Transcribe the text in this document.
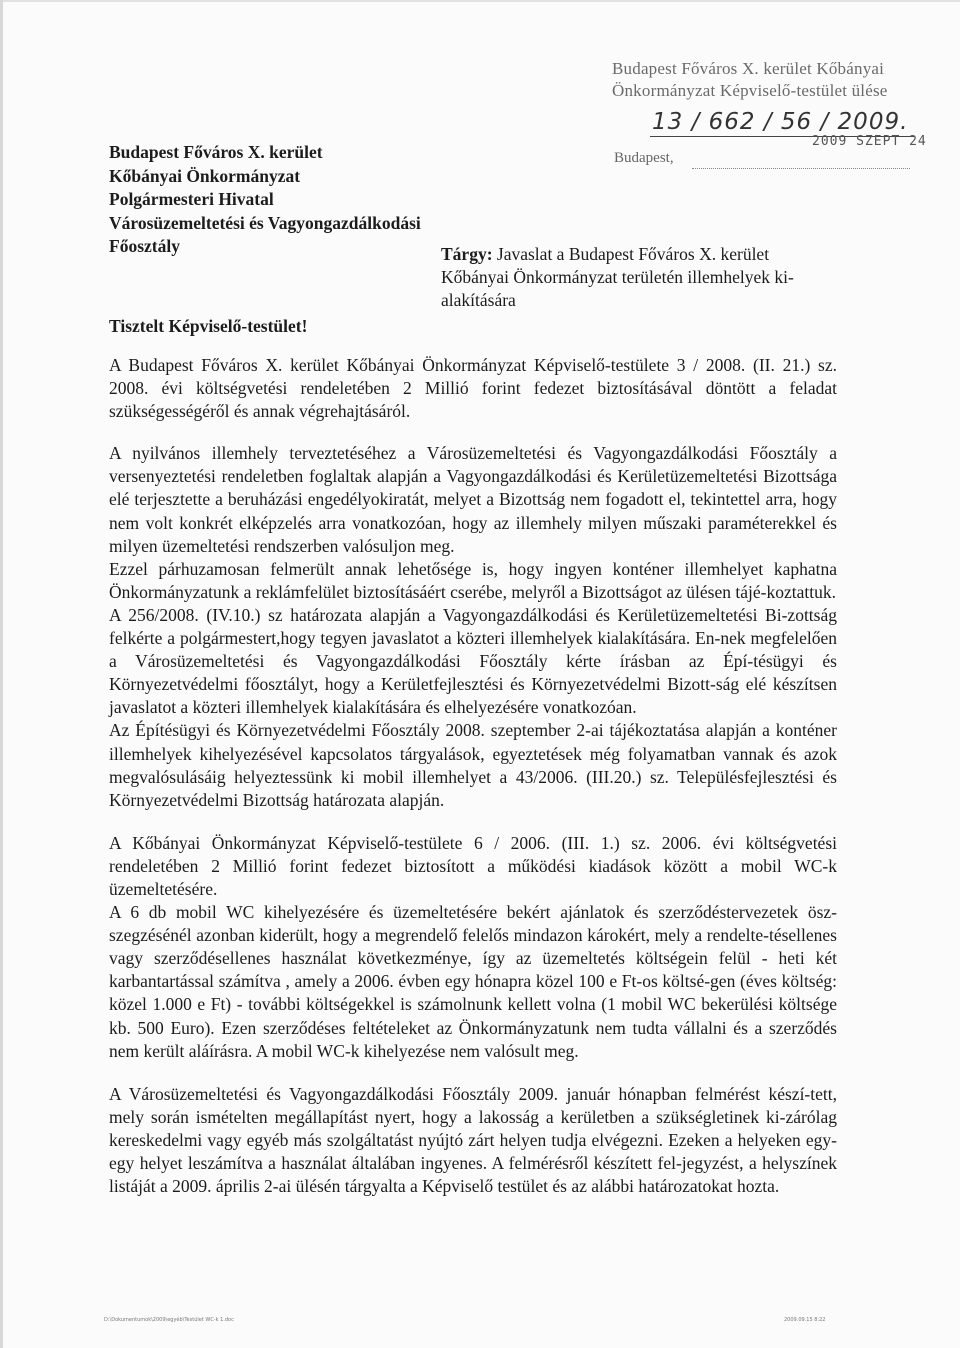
Budapest Főváros X. kerület Kőbányai
Önkormányzat Képviselő-testület ülése
13 / 662 / 56 / 2009.
2009 SZEPT 24
Budapest,
Budapest Főváros X. kerület
Kőbányai Önkormányzat
Polgármesteri Hivatal
Városüzemeltetési és Vagyongazdálkodási
Főosztály	Tárgy: Javaslat a Budapest Főváros X. kerület
Kőbányai Önkormányzat területén illemhelyek ki-
alakítására
Tisztelt Képviselő-testület!

A Budapest Főváros X. kerület Kőbányai Önkormányzat Képviselő-testülete 3 / 2008. (II. 21.) sz. 2008. évi költségvetési rendeletében 2 Millió forint fedezet biztosításával döntött a feladat szükségességéről és annak végrehajtásáról.

A nyilvános illemhely terveztetéséhez a Városüzemeltetési és Vagyongazdálkodási Főosztály a versenyeztetési rendeletben foglaltak alapján a Vagyongazdálkodási és Kerületüzemeltetési Bizottsága elé terjesztette a beruházási engedélyokiratát, melyet a Bizottság nem fogadott el, tekintettel arra, hogy nem volt konkrét elképzelés arra vonatkozóan, hogy az illemhely milyen műszaki paraméterekkel és milyen üzemeltetési rendszerben valósuljon meg.

Ezzel párhuzamosan felmerült annak lehetősége is, hogy ingyen konténer illemhelyet kaphatna Önkormányzatunk a reklámfelület biztosításáért cserébe, melyről a Bizottságot az ülésen tájé-koztattuk.

A 256/2008. (IV.10.) sz határozata alapján a Vagyongazdálkodási és Kerületüzemeltetési Bi-zottság felkérte a polgármestert,hogy tegyen javaslatot a közteri illemhelyek kialakítására. En-nek megfelelően a Városüzemeltetési és Vagyongazdálkodási Főosztály kérte írásban az Épí-tésügyi és Környezetvédelmi főosztályt, hogy a Kerületfejlesztési és Környezetvédelmi Bizott-ság elé készítsen javaslatot a közteri illemhelyek kialakítására és elhelyezésére vonatkozóan.

Az Építésügyi és Környezetvédelmi Főosztály 2008. szeptember 2-ai tájékoztatása alapján a konténer illemhelyek kihelyezésével kapcsolatos tárgyalások, egyeztetések még folyamatban vannak és azok megvalósulásáig helyeztessünk ki mobil illemhelyet a 43/2006. (III.20.) sz. Településfejlesztési és Környezetvédelmi Bizottság határozata alapján.

A Kőbányai Önkormányzat Képviselő-testülete 6 / 2006. (III. 1.) sz. 2006. évi költségvetési rendeletében 2 Millió forint fedezet biztosított a működési kiadások között a mobil WC-k üzemeltetésére.

A 6 db mobil WC kihelyezésére és üzemeltetésére bekért ajánlatok és szerződéstervezetek ösz-szegzésénél azonban kiderült, hogy a megrendelő felelős mindazon károkért, mely a rendelte-tésellenes vagy szerződésellenes használat következménye, így az üzemeltetés költségein felül - heti két karbantartással számítva , amely a 2006. évben egy hónapra közel 100 e Ft-os költsé-gen (éves költség: közel 1.000 e Ft) - további költségekkel is számolnunk kellett volna (1 mobil WC bekerülési költsége kb. 500 Euro). Ezen szerződéses feltételeket az Önkormányzatunk nem tudta vállalni és a szerződés nem került aláírásra. A mobil WC-k kihelyezése nem valósult meg.

A Városüzemeltetési és Vagyongazdálkodási Főosztály 2009. január hónapban felmérést készí-tett, mely során ismételten megállapítást nyert, hogy a lakosság a kerületben a szükségletinek ki-zárólag kereskedelmi vagy egyéb más szolgáltatást nyújtó zárt helyen tudja elvégezni. Ezeken a helyeken egy-egy helyet leszámítva a használat általában ingyenes. A felmérésről készített fel-jegyzést, a helyszínek listáját a 2009. április 2-ai ülésén tárgyalta a Képviselő testület és az alábbi határozatokat hozta.

D:\Dokumentumok\2009\egyéb\Testület WC-k 1.doc	2009.09.15 8:22
